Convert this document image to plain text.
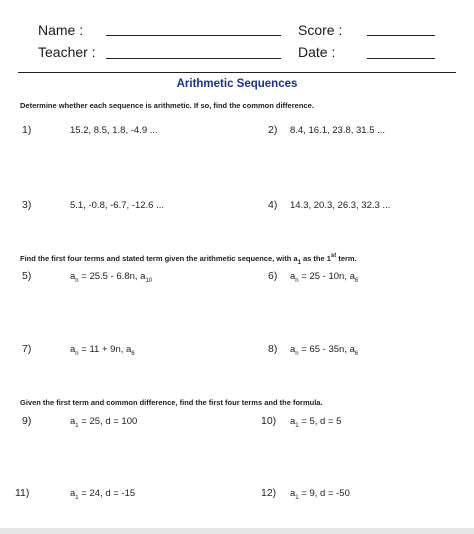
Name :	Score :
Teacher :	Date :
Arithmetic Sequences
Determine whether each sequence is arithmetic. If so, find the common difference.
1)	15.2, 8.5, 1.8, -4.9 ...	2) 8.4, 16.1, 23.8, 31.5 ...
3)	5.1, -0.8, -6.7, -12.6 ...	4) 14.3, 20.3, 26.3, 32.3 ...
Find the first four terms and stated term given the arithmetic sequence, with $a_1$ as the 1st term.
5)	$a_n = 25.5 - 6.8n$, $a_{10}$	6) $a_n = 25 - 10n$, $a_6$
7)	$a_n = 11 + 9n$, $a_6$	8) $a_n = 65 - 35n$, $a_6$
Given the first term and common difference, find the first four terms and the formula.
9)	$a_1 = 25$, d = 100	10) $a_1 = 5$, d = 5
11)	$a_1 = 24$, d = -15	12) $a_1 = 9$, d = -50
